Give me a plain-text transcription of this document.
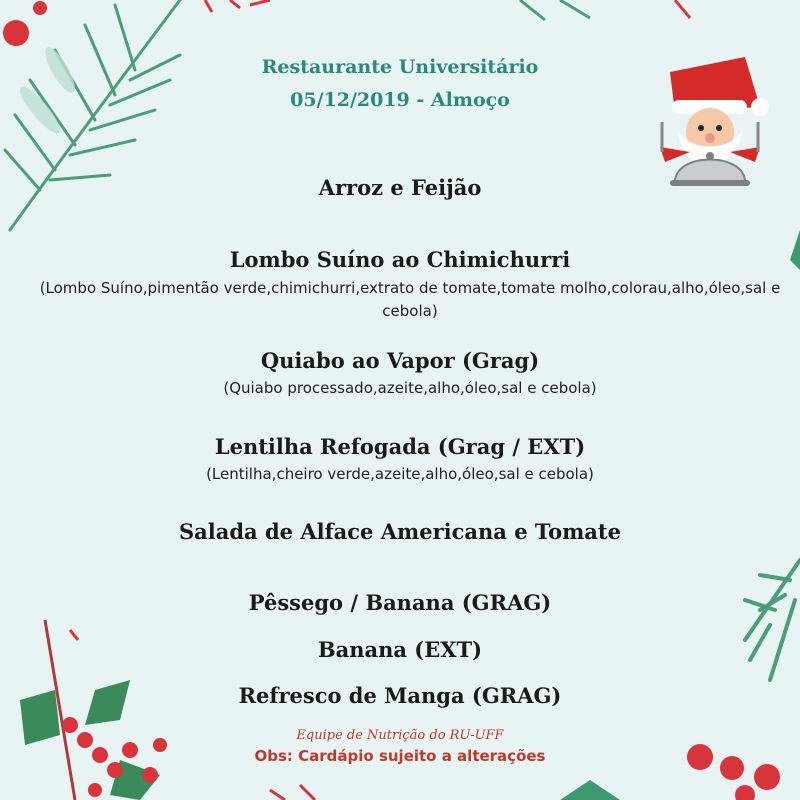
Restaurante Universitário
05/12/2019 - Almoço
Arroz e Feijão
Lombo Suíno ao Chimichurri
(Lombo Suíno,pimentão verde,chimichurri,extrato de tomate,tomate molho,colorau,alho,óleo,sal e cebola)
Quiabo ao Vapor (Grag)
(Quiabo processado,azeite,alho,óleo,sal e cebola)
Lentilha Refogada (Grag / EXT)
(Lentilha,cheiro verde,azeite,alho,óleo,sal e cebola)
Salada de Alface Americana e Tomate
Pêssego / Banana (GRAG)
Banana (EXT)
Refresco de Manga (GRAG)
Equipe de Nutrição do RU-UFF
Obs: Cardápio sujeito a alterações
